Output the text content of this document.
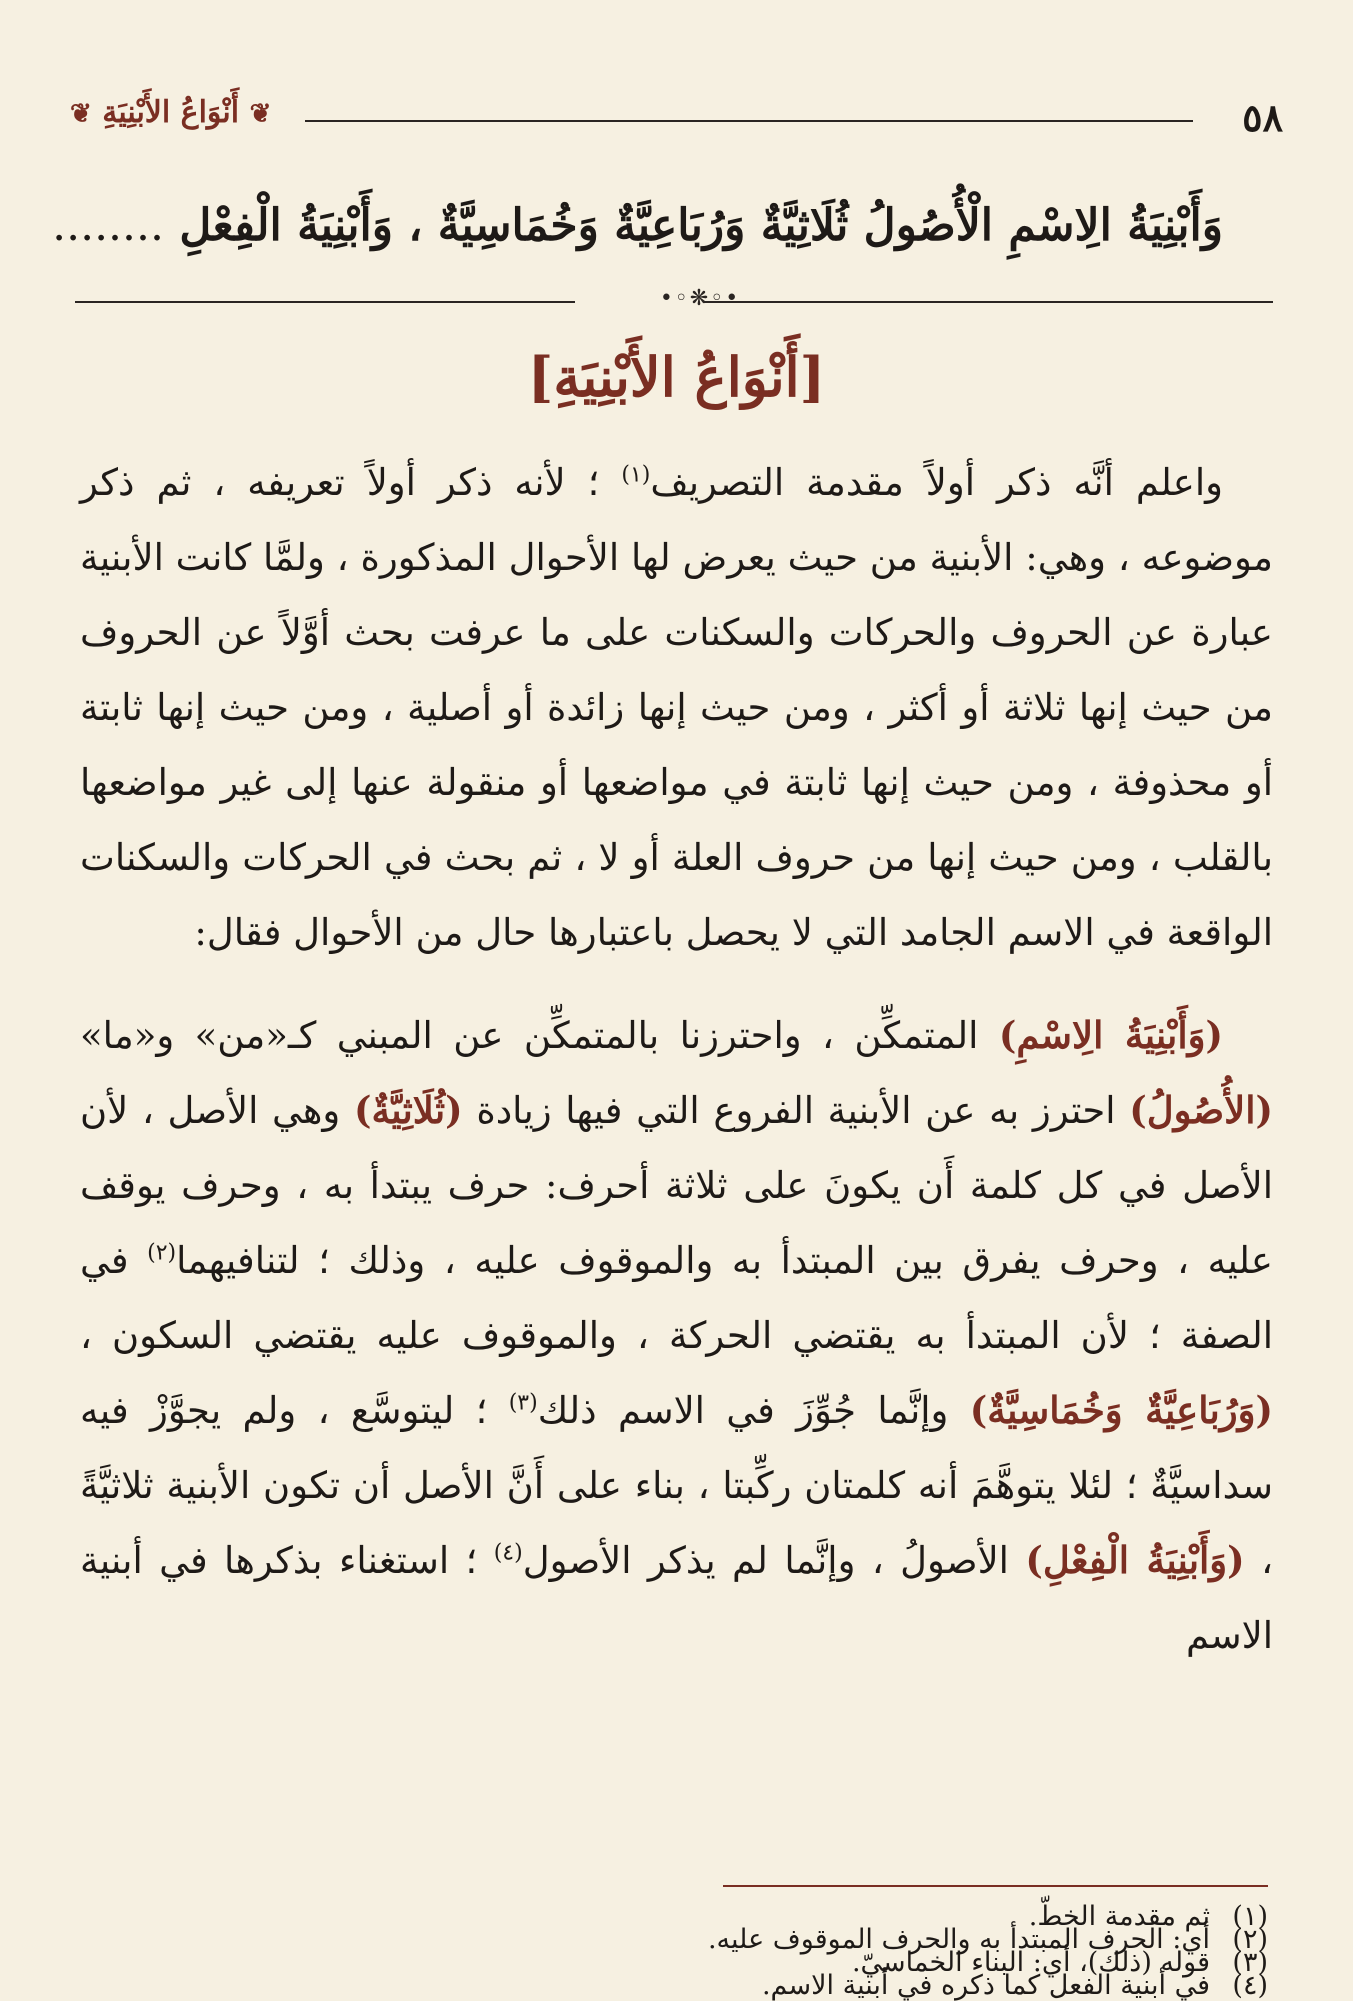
٥٨
❦ أَنْوَاعُ الأَبْنِيَةِ ❦
وَأَبْنِيَةُ الِاسْمِ الْأُصُولُ ثُلَاثِيَّةٌ وَرُبَاعِيَّةٌ وَخُمَاسِيَّةٌ ، وَأَبْنِيَةُ الْفِعْلِ ........
•◦❋◦•
[أَنْوَاعُ الأَبْنِيَةِ]

واعلم أنَّه ذكر أولاً مقدمة التصريف$^{(١)}$ ؛ لأنه ذكر أولاً تعريفه ، ثم ذكر موضوعه ، وهي: الأبنية من حيث يعرض لها الأحوال المذكورة ، ولمَّا كانت الأبنية عبارة عن الحروف والحركات والسكنات على ما عرفت بحث أوَّلاً عن الحروف من حيث إنها ثلاثة أو أكثر ، ومن حيث إنها زائدة أو أصلية ، ومن حيث إنها ثابتة أو محذوفة ، ومن حيث إنها ثابتة في مواضعها أو منقولة عنها إلى غير مواضعها بالقلب ، ومن حيث إنها من حروف العلة أو لا ، ثم بحث في الحركات والسكنات الواقعة في الاسم الجامد التي لا يحصل باعتبارها حال من الأحوال فقال:

(وَأَبْنِيَةُ الِاسْمِ) المتمكِّن ، واحترزنا بالمتمكِّن عن المبني كـ«من» و«ما» (الأُصُولُ) احترز به عن الأبنية الفروع التي فيها زيادة (ثُلَاثِيَّةٌ) وهي الأصل ، لأن الأصل في كل كلمة أَن يكونَ على ثلاثة أحرف: حرف يبتدأ به ، وحرف يوقف عليه ، وحرف يفرق بين المبتدأ به والموقوف عليه ، وذلك ؛ لتنافيهما$^{(٢)}$ في الصفة ؛ لأن المبتدأ به يقتضي الحركة ، والموقوف عليه يقتضي السكون ، (وَرُبَاعِيَّةٌ وَخُمَاسِيَّةٌ) وإنَّما جُوِّزَ في الاسم ذلك$^{(٣)}$ ؛ ليتوسَّع ، ولم يجوَّزْ فيه سداسيَّةٌ ؛ لئلا يتوهَّمَ أنه كلمتان ركِّبتا ، بناء على أَنَّ الأصل أن تكون الأبنية ثلاثيَّةً ، (وَأَبْنِيَةُ الْفِعْلِ) الأصولُ ، وإنَّما لم يذكر الأصول$^{(٤)}$ ؛ استغناء بذكرها في أبنية الاسم

(١)ثم مقدمة الخطّ.
(٢)أي: الحرف المبتدأ به والحرف الموقوف عليه.
(٣)قوله (ذلك)، أي: البناء الخماسيّ.
(٤)في أبنية الفعل كما ذكره في أبنية الاسم.
